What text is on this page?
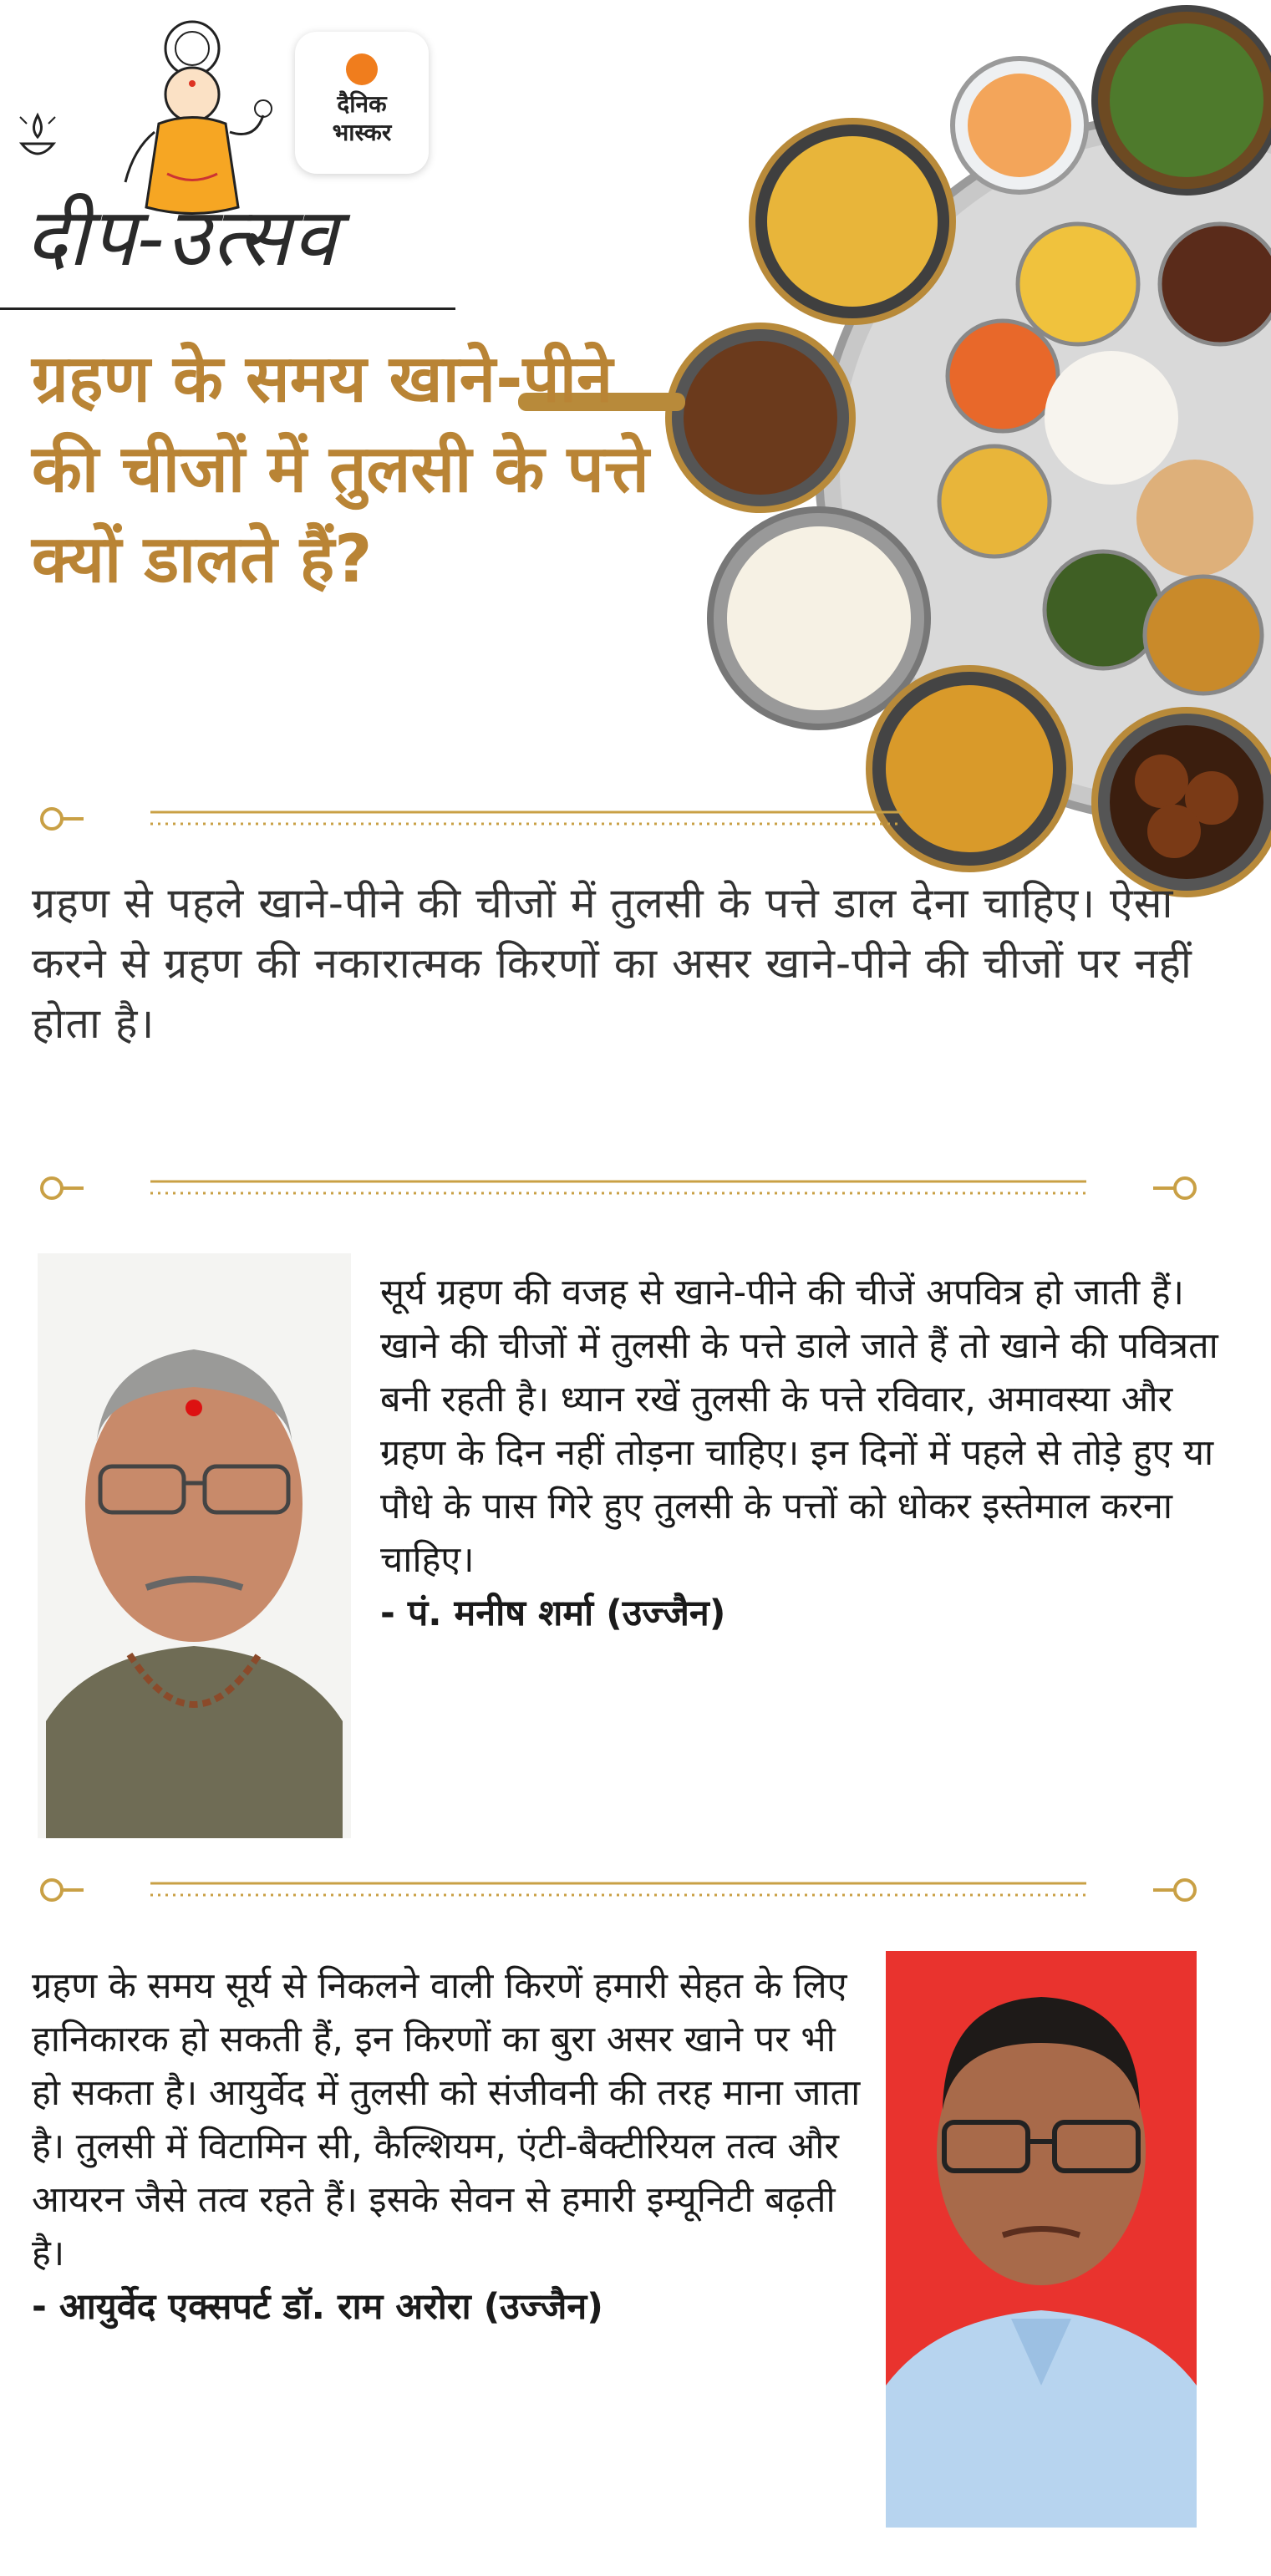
दैनिक
भास्कर
दीप-उत्सव
ग्रहण के समय खाने-पीने की चीजों में तुलसी के पत्ते क्यों डालते हैं?

ग्रहण से पहले खाने-पीने की चीजों में तुलसी के पत्ते डाल देना चाहिए। ऐसा करने से ग्रहण की नकारात्मक किरणों का असर खाने-पीने की चीजों पर नहीं होता है।

सूर्य ग्रहण की वजह से खाने-पीने की चीजें अपवित्र हो जाती हैं। खाने की चीजों में तुलसी के पत्ते डाले जाते हैं तो खाने की पवित्रता बनी रहती है। ध्यान रखें तुलसी के पत्ते रविवार, अमावस्या और ग्रहण के दिन नहीं तोड़ना चाहिए। इन दिनों में पहले से तोड़े हुए या पौधे के पास गिरे हुए तुलसी के पत्तों को धोकर इस्तेमाल करना चाहिए।

- पं. मनीष शर्मा (उज्जैन)

ग्रहण के समय सूर्य से निकलने वाली किरणें हमारी सेहत के लिए हानिकारक हो सकती हैं, इन किरणों का बुरा असर खाने पर भी हो सकता है। आयुर्वेद में तुलसी को संजीवनी की तरह माना जाता है। तुलसी में विटामिन सी, कैल्शियम, एंटी-बैक्टीरियल तत्व और आयरन जैसे तत्व रहते हैं। इसके सेवन से हमारी इम्यूनिटी बढ़ती है।

- आयुर्वेद एक्सपर्ट डॉ. राम अरोरा (उज्जैन)
